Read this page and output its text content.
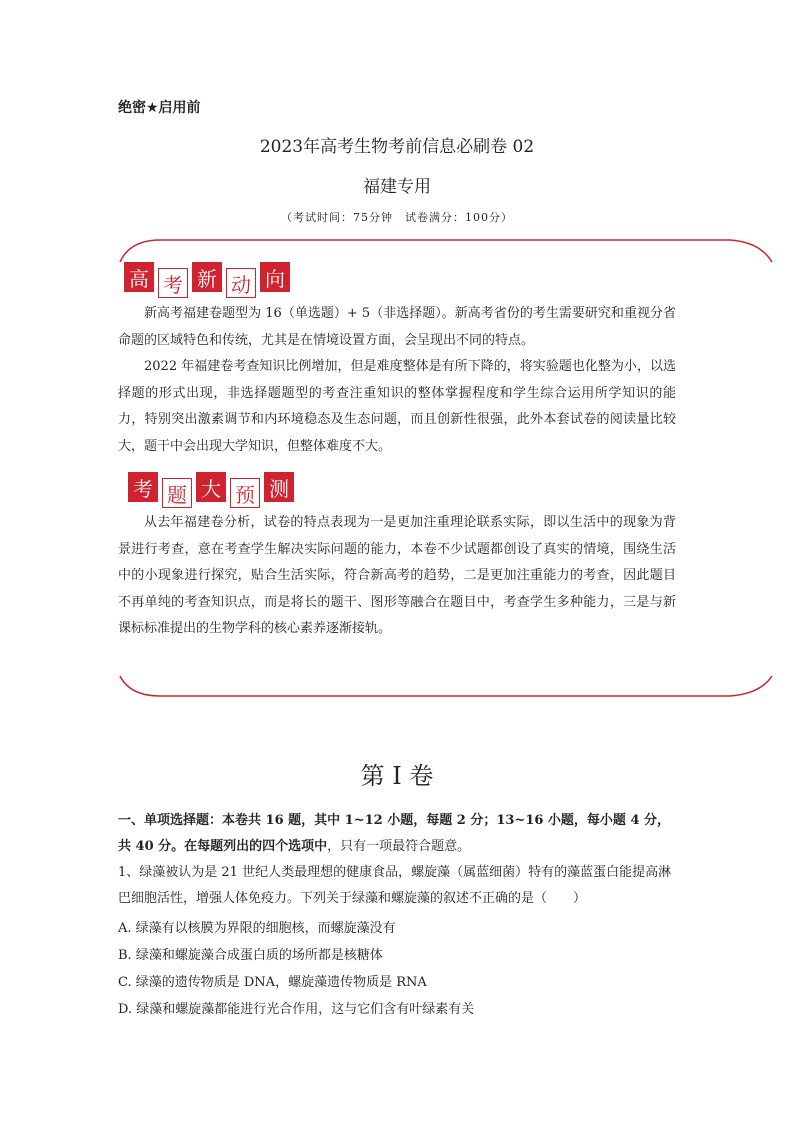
绝密★启用前
2023年高考生物考前信息必刷卷 02
福建专用
（考试时间：75分钟　试卷满分：100分）
高 考 新 动 向
新高考福建卷题型为 16（单选题）+ 5（非选择题）。新高考省份的考生需要研究和重视分省命题的区域特色和传统，尤其是在情境设置方面，会呈现出不同的特点。
2022 年福建卷考查知识比例增加，但是难度整体是有所下降的，将实验题也化整为小，以选择题的形式出现，非选择题题型的考查注重知识的整体掌握程度和学生综合运用所学知识的能力，特别突出激素调节和内环境稳态及生态问题，而且创新性很强，此外本套试卷的阅读量比较大，题干中会出现大学知识，但整体难度不大。
考 题 大 预 测
从去年福建卷分析，试卷的特点表现为一是更加注重理论联系实际，即以生活中的现象为背景进行考查，意在考查学生解决实际问题的能力，本卷不少试题都创设了真实的情境，围绕生活中的小现象进行探究，贴合生活实际，符合新高考的趋势，二是更加注重能力的考查，因此题目不再单纯的考查知识点，而是将长的题干、图形等融合在题目中，考查学生多种能力，三是与新课标标准提出的生物学科的核心素养逐渐接轨。
第 I 卷
一、单项选择题：本卷共 16 题，其中 1~12 小题，每题 2 分；13~16 小题，每小题 4 分，共 40 分。在每题列出的四个选项中，只有一项最符合题意。
1、绿藻被认为是 21 世纪人类最理想的健康食品，螺旋藻（属蓝细菌）特有的藻蓝蛋白能提高淋巴细胞活性，增强人体免疫力。下列关于绿藻和螺旋藻的叙述不正确的是（　　）
A. 绿藻有以核膜为界限的细胞核，而螺旋藻没有
B. 绿藻和螺旋藻合成蛋白质的场所都是核糖体
C. 绿藻的遗传物质是 DNA，螺旋藻遗传物质是 RNA
D. 绿藻和螺旋藻都能进行光合作用，这与它们含有叶绿素有关
